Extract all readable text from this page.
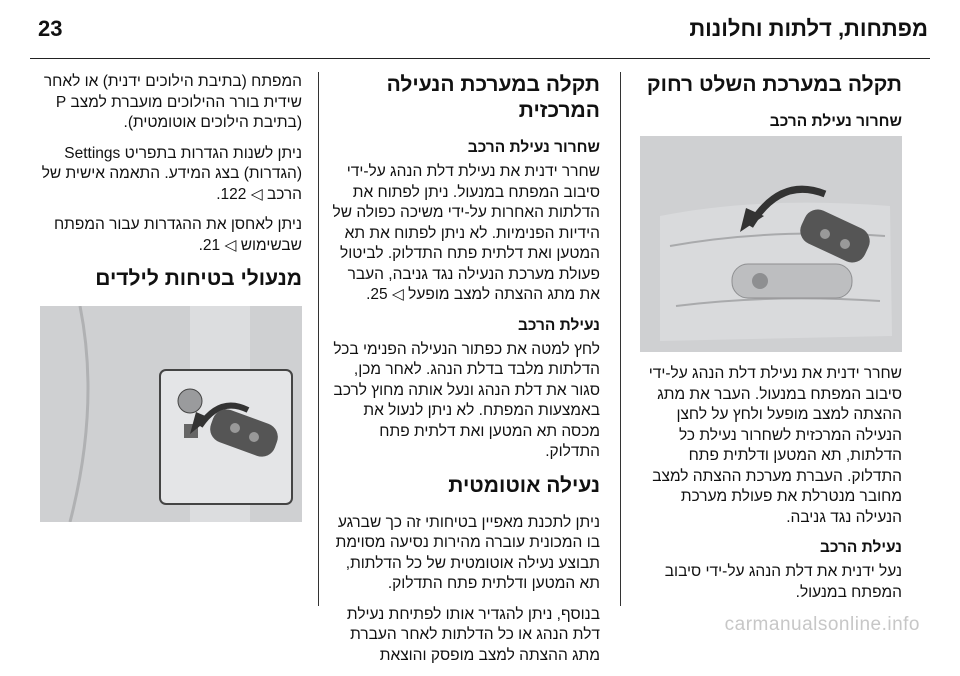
23	מפתחות, דלתות וחלונות
תקלה במערכת השלט רחוק
שחרור נעילת הרכב

שחרר ידנית את נעילת דלת הנהג על-ידי סיבוב המפתח במנעול. העבר את מתג ההצתה למצב מופעל ולחץ על לחצן הנעילה המרכזית לשחרור נעילת כל הדלתות, תא המטען ודלתית פתח התדלוק. העברת מערכת ההצתה למצב מחובר מנטרלת את פעולת מערכת הנעילה נגד גניבה.

נעילת הרכב

נעל ידנית את דלת הנהג על-ידי סיבוב המפתח במנעול.

תקלה במערכת הנעילה המרכזית
שחרור נעילת הרכב

שחרר ידנית את נעילת דלת הנהג על-ידי סיבוב המפתח במנעול. ניתן לפתוח את הדלתות האחרות על-ידי משיכה כפולה של הידיות הפנימיות. לא ניתן לפתוח את תא המטען ואת דלתית פתח התדלוק. לביטול פעולת מערכת הנעילה נגד גניבה, העבר את מתג ההצתה למצב מופעל ◁ 25.

נעילת הרכב

לחץ למטה את כפתור הנעילה הפנימי בכל הדלתות מלבד בדלת הנהג. לאחר מכן, סגור את דלת הנהג ונעל אותה מחוץ לרכב באמצעות המפתח. לא ניתן לנעול את מכסה תא המטען ואת דלתית פתח התדלוק.

נעילה אוטומטית

ניתן לתכנת מאפיין בטיחותי זה כך שברגע בו המכונית עוברה מהירות נסיעה מסוימת תבוצע נעילה אוטומטית של כל הדלתות, תא המטען ודלתית פתח התדלוק.

בנוסף, ניתן להגדיר אותו לפתיחת נעילת דלת הנהג או כל הדלתות לאחר העברת מתג ההצתה למצב מופסק והוצאת

המפתח (בתיבת הילוכים ידנית) או לאחר שידית בורר ההילוכים מועברת למצב P (בתיבת הילוכים אוטומטית).

ניתן לשנות הגדרות בתפריט Settings (הגדרות) בצג המידע. התאמה אישית של הרכב ◁ 122.

ניתן לאחסן את ההגדרות עבור המפתח שבשימוש ◁ 21.

מנעולי בטיחות לילדים
carmanualsonline.info
